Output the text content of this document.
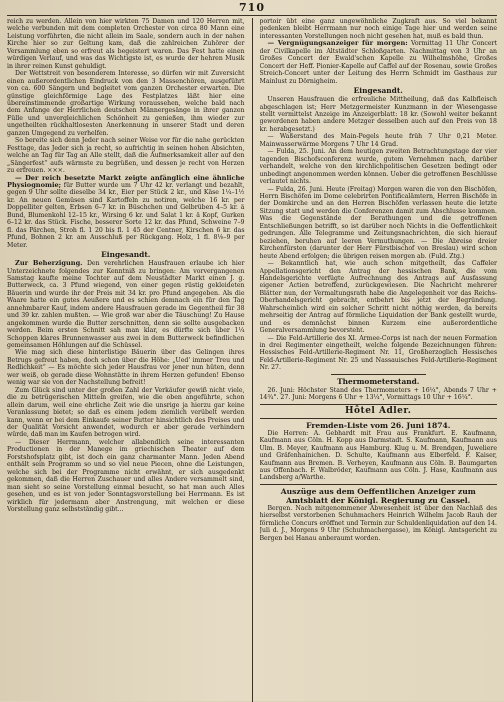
710

reich zu werden. Allein von hier wirkten 75 Damen und 120 Herren mit, welche verbunden mit dem completen Orchester von circa 80 Mann eine Leistung vorführten, die nicht allein im Saale, sondern auch in der nahen Kirche hier so zur Geltung kam, daß die zahlreichen Zuhörer der Versammlung eben so erfreut als begeistert waren. Das Fest hatte einen würdigen Verlauf, und was das Wichtigste ist, es wurde der hehren Musik in ihrer reinen Kunst gehuldigt.

Der Wettstreit von besonderem Interesse, so dürfen wir mit Zuversicht einen außerordentlichen Eindruck von den 3 Massenchören, ausgeführt von ca. 600 Sängern und begleitet vom ganzen Orchester erwarten. Die günstige gleichförmige Lage des Festplatzes läßt hier eine übereinstimmende großartige Wirkung voraussehen, welche bald nach dem Anfange der Herrlichen deutschen Männergesänge in ihrer ganzen Fülle und unvergleichlichen Schönheit zu genießen, ihm wieder zur ungetheilten rückhaltlosesten Anerkennung in unserer Stadt und deren ganzen Umgegend zu verhelfen.

So bereite sich denn Jeder nach seiner Weise vor für die nahe gerückten Festtage, das Jeder sich ja recht, so aufrichtig in seinen hohen Absichten, welche an Tag für Tag an Alle stellt, daß die Aufmerksamkeit aller auf den „Sängerfest“ aufs wärmste zu begrüßen, und dessen je recht von Herzen zu erfreuen. ×××.

— Der reich besetzte Markt zeigte anfänglich eine ähnliche Physiognomie; für Butter wurde um 7 Uhr 42 kr. verlangt und bezahlt, gegen 9 Uhr sollte dieselbe 34 kr., Eier per Stück 2 kr., und Käse 1¼–1½ kr. An neuen Gemüsen sind Kartoffeln zu notiren, welche 16 kr. per Doppelliter gelten, Erbsen 6–7 kr. in Büschchen und Gelbrüben 4–5 kr. ä Bund, Blumenkohl 12–15 kr., Wirsing 6 kr. und Salat 1 kr. ä Kopf, Gurken 6–12 kr. das Stück. Fische, besserer Sorte 12 kr. das Pfund, Schweine 7–9 fl. das Pärchen, Stroh fl. 1 20 bis fl. 1 45 der Centner, Kirschen 6 kr. das Pfund, Bohnen 2 kr. am Ausschluß per Rückgang. Holz, 1 fl. 8⅛–9 per Meter.

Eingesandt.

Zur Beherzigung. Den verehrlichen Hausfrauen erlaube ich hier Unterzeichnete folgendes zur Kenntniß zu bringen: Am vorvergangenen Samstag kaufte meine Tochter auf dem Neustädter Markt einen J. g. Butterweck, ca. 3 Pfund wiegend, von einer gegen rüstig gekleideten Bäuerin und wurde ihr der Preis mit 34 kr. pro Pfund angegeben. Als die Waare hatte ein gutes Aeußere und es schien demnach ein für den Tag annehmbarer Kauf, indem andere Hausfrauen gerade im Gegentheil für 38 und 39 kr. zahlen mußten. — Wie groß war aber die Täuschung! Zu Hause angekommen wurde die Butter zerschnitten, denn sie sollte ausgebacken werden. Beim ersten Schnitt sah man klar, es dürfte sich über 1¼ Schoppen klares Brunnenwasser aus zwei in dem Butterweck befindlichen gemeinsamen Höhlungen auf die Schüssel.

Wie mag sich diese hinterlistige Bäuerin über das Gelingen ihres Betrugs gefreut haben, doch schon über die Höhe: „Ued' immer Treu und Redlichkeit“ — Es möchte sich jeder Hausfrau vor jener nun hüten, denn wer weiß, ob gerade diese Wohnstätte in ihrem Herzen gefunden! Ebenso wenig war sie von der Nachstellung befreit!

Zum Glück sind unter der großen Zahl der Verkäufer gewiß nicht viele, die zu betrügerischen Mitteln greifen, wie die oben angeführte, schon allein darum, weil eine ehrliche Zeit wie die unsrige ja hierzu gar keine Veranlassung bietet; so daß es einem jedem ziemlich verübelt werden kann, wenn er bei dem Einkaufe seiner Butter hinsichtlich des Preises und der Qualität Vorsicht anwendet, wodurch er aber gerade verhindern würde, daß man im Kaufen betrogen wird.

— Dieser Herrmann, welcher allabendlich seine interessanten Productionen in der Manege im griechischen Theater auf dem Forstshofsplatz gibt, ist doch ein ganz charmanter Mann. Jeden Abend enthält sein Programm so und so viel neue Piecen, ohne die Leistungen, welche sich bei der Programme nicht erwähnt, er sich ausgedenkt gekommen, daß die Herren Zuschauer und alles Andere versammelt sind, man sieht so seine Vorstellung einmal besucht, so hat man auch Alles gesehen, und es ist von jeder Sonntagsvorstellung bei Herrmann. Es ist wirklich für jedermann aber Anstrengung, mit welchen er diese Vorstellung ganz selbstständig gibt...

portoir übt eine ganz ungewöhnliche Zugkraft aus. So viel bekannt gedenken bleibt Herrmann nur noch einige Tage hier und werden seine interessanten Vorstellungen noch nicht gesehen hat, muß es bald thun.

— Vergnügungsanzeiger für morgen: Vormittag 11 Uhr Concert der Civilkapelle im Altstädter Schloßgarten. Nachmittag von 3 Uhr an Großes Concert der Ewald'schen Kapelle zu Wilhelmshöhe, Großes Concert der Heff. Pionier-Kapelle auf Caffel auf der Rosenau, sowie Großes Streich-Concert unter der Leitung des Herrn Schmidt im Gasthaus zur Mainlust zu Dörnigheim.

Eingesandt.

Unseren Hausfrauen die erfreuliche Mittheilung, daß das Kalbfleisch abgeschlagen ist; Herr Metzgermeister Kunzmann in der Wiesengasse stellt vermittelst Anzeige im Anzeigerblatt: 18 kr. (Sowohl weiter bekannt gewordenen haben andere Metzger desselben auch auf den Preis von 18 kr. herabgesetzt.)

— Waßerstand des Main-Pegels heute früh 7 Uhr 0,21 Meter. Mainwasserwärme Morgens 7 Uhr 14 Grad.

— Fulda, 25. Juni. An dem heutigen zweiten Betrachtungstage der vier tagenden Bischofsconferenz wurde, gutem Vernehmen nach, darüber verhandelt, welche von den kirchlichpolitischen Gesetzen bedingt oder unbedingt angenommen werden können. Ueber die getroffenen Beschlüsse verlautet nichts.

— Fulda, 26. Juni. Heute (Freitag) Morgen waren die von den Bischöfen, Herrn Bischöfen im Dome celebrirten Pontificalämtern, Herren Bischöfe in der Domkirche und an den Herren Bischöfen verlassen heute die letzte Sitzung statt und werden die Conferenzen damit zum Abschlusse kommen. Was die Gegenstände der Berathungen und die getroffenen Entschließungen betrifft, so ist darüber noch Nichts in die Oeffentlichkeit gedrungen. Alle Telegramme und Zeitungsnachrichten, die sich hierauf beziehen, beruhen auf leeren Vermuthungen. — Die Abreise dreier Kirchenfürsten (darunter der Herr Fürstbischof von Breslau) wird schon heute Abend erfolgen; die übrigen reisen morgen ab. (Fuld. Ztg.)

— Bekanntlich hat, wie auch schon mitgetheilt, das Caffeler Appellationsgericht den Antrag der hessischen Bank, die vom Handelsgerichte verfügte Aufrechnung des Antrags auf Ausfassung eigener Actien betreffend, zurückgewiesen. Die Nachricht mehrerer Blätter nun, der Vermaltungsrath habe die Angelegenheit vor das Reichs-Oberhandelsgericht gebracht, entbehrt bis jetzt der Begründung. Wahrscheinlich wird ein solcher Schritt nicht nöthig werden, da bereits mehrseitig der Antrag auf förmliche Liquidation der Bank gestellt wurde, und es demnächst binnen Kurzem eine außerordentliche Generalversammlung bevorsteht.

— Die Feld-Artillerie des XI. Armee-Corps ist nach der neuen Formation in drei Regimenter eingetheilt, welche folgende Bezeichnungen führen: Hessisches Feld-Artillerie-Regiment Nr. 11, Großherzoglich Hessisches Feld-Artillerie-Regiment Nr. 25 und Nassauisches Feld-Artillerie-Regiment Nr. 27.

Thermometerstand.

26. Juni: Höchster Stand des Thermometers + 16¼°, Abends 7 Uhr + 14¾°. 27. Juni: Morgens 6 Uhr + 13¼°, Vormittags 10 Uhr + 16¼°.

Hôtel Adler.
Fremden-Liste vom 26. Juni 1874.

Die Herren: A. Gebhardt mit Frau aus Frankfurt. E. Kaufmann, Kaufmann aus Cöln. H. Kopp aus Darmstadt. S. Kaufmann, Kaufmann aus Ulm. B. Meyer, Kaufmann aus Hamburg. Klug u. M. Brendgen, Juweliere und Gräfenhainichen. D. Schulte, Kaufmann aus Elberfeld. F. Kaiser, Kaufmann aus Bremen. B. Verheyen, Kaufmann aus Cöln. B. Baumgarten aus Offenbach. F. Walbröder, Kaufmann aus Cöln. J. Hase, Kaufmann aus Landsberg a/Warthe.

Auszüge aus dem Oeffentlichen Anzeiger zum Amtsblatt der Königl. Regierung zu Cassel.

Bergen. Nach mitgenommener Abwesenheit ist über den Nachlaß des hierselbst verstorbenen Schuhmachers Heinrich Wilhelm Jacob Rauh der förmliche Concurs eröffnet und Termin zur Schuldenliquidation auf den 14. Juli d. J., Morgens 9 Uhr (Schuhmachergasse), im Königl. Amtsgericht zu Bergen bei Hanau anberaumt worden.
